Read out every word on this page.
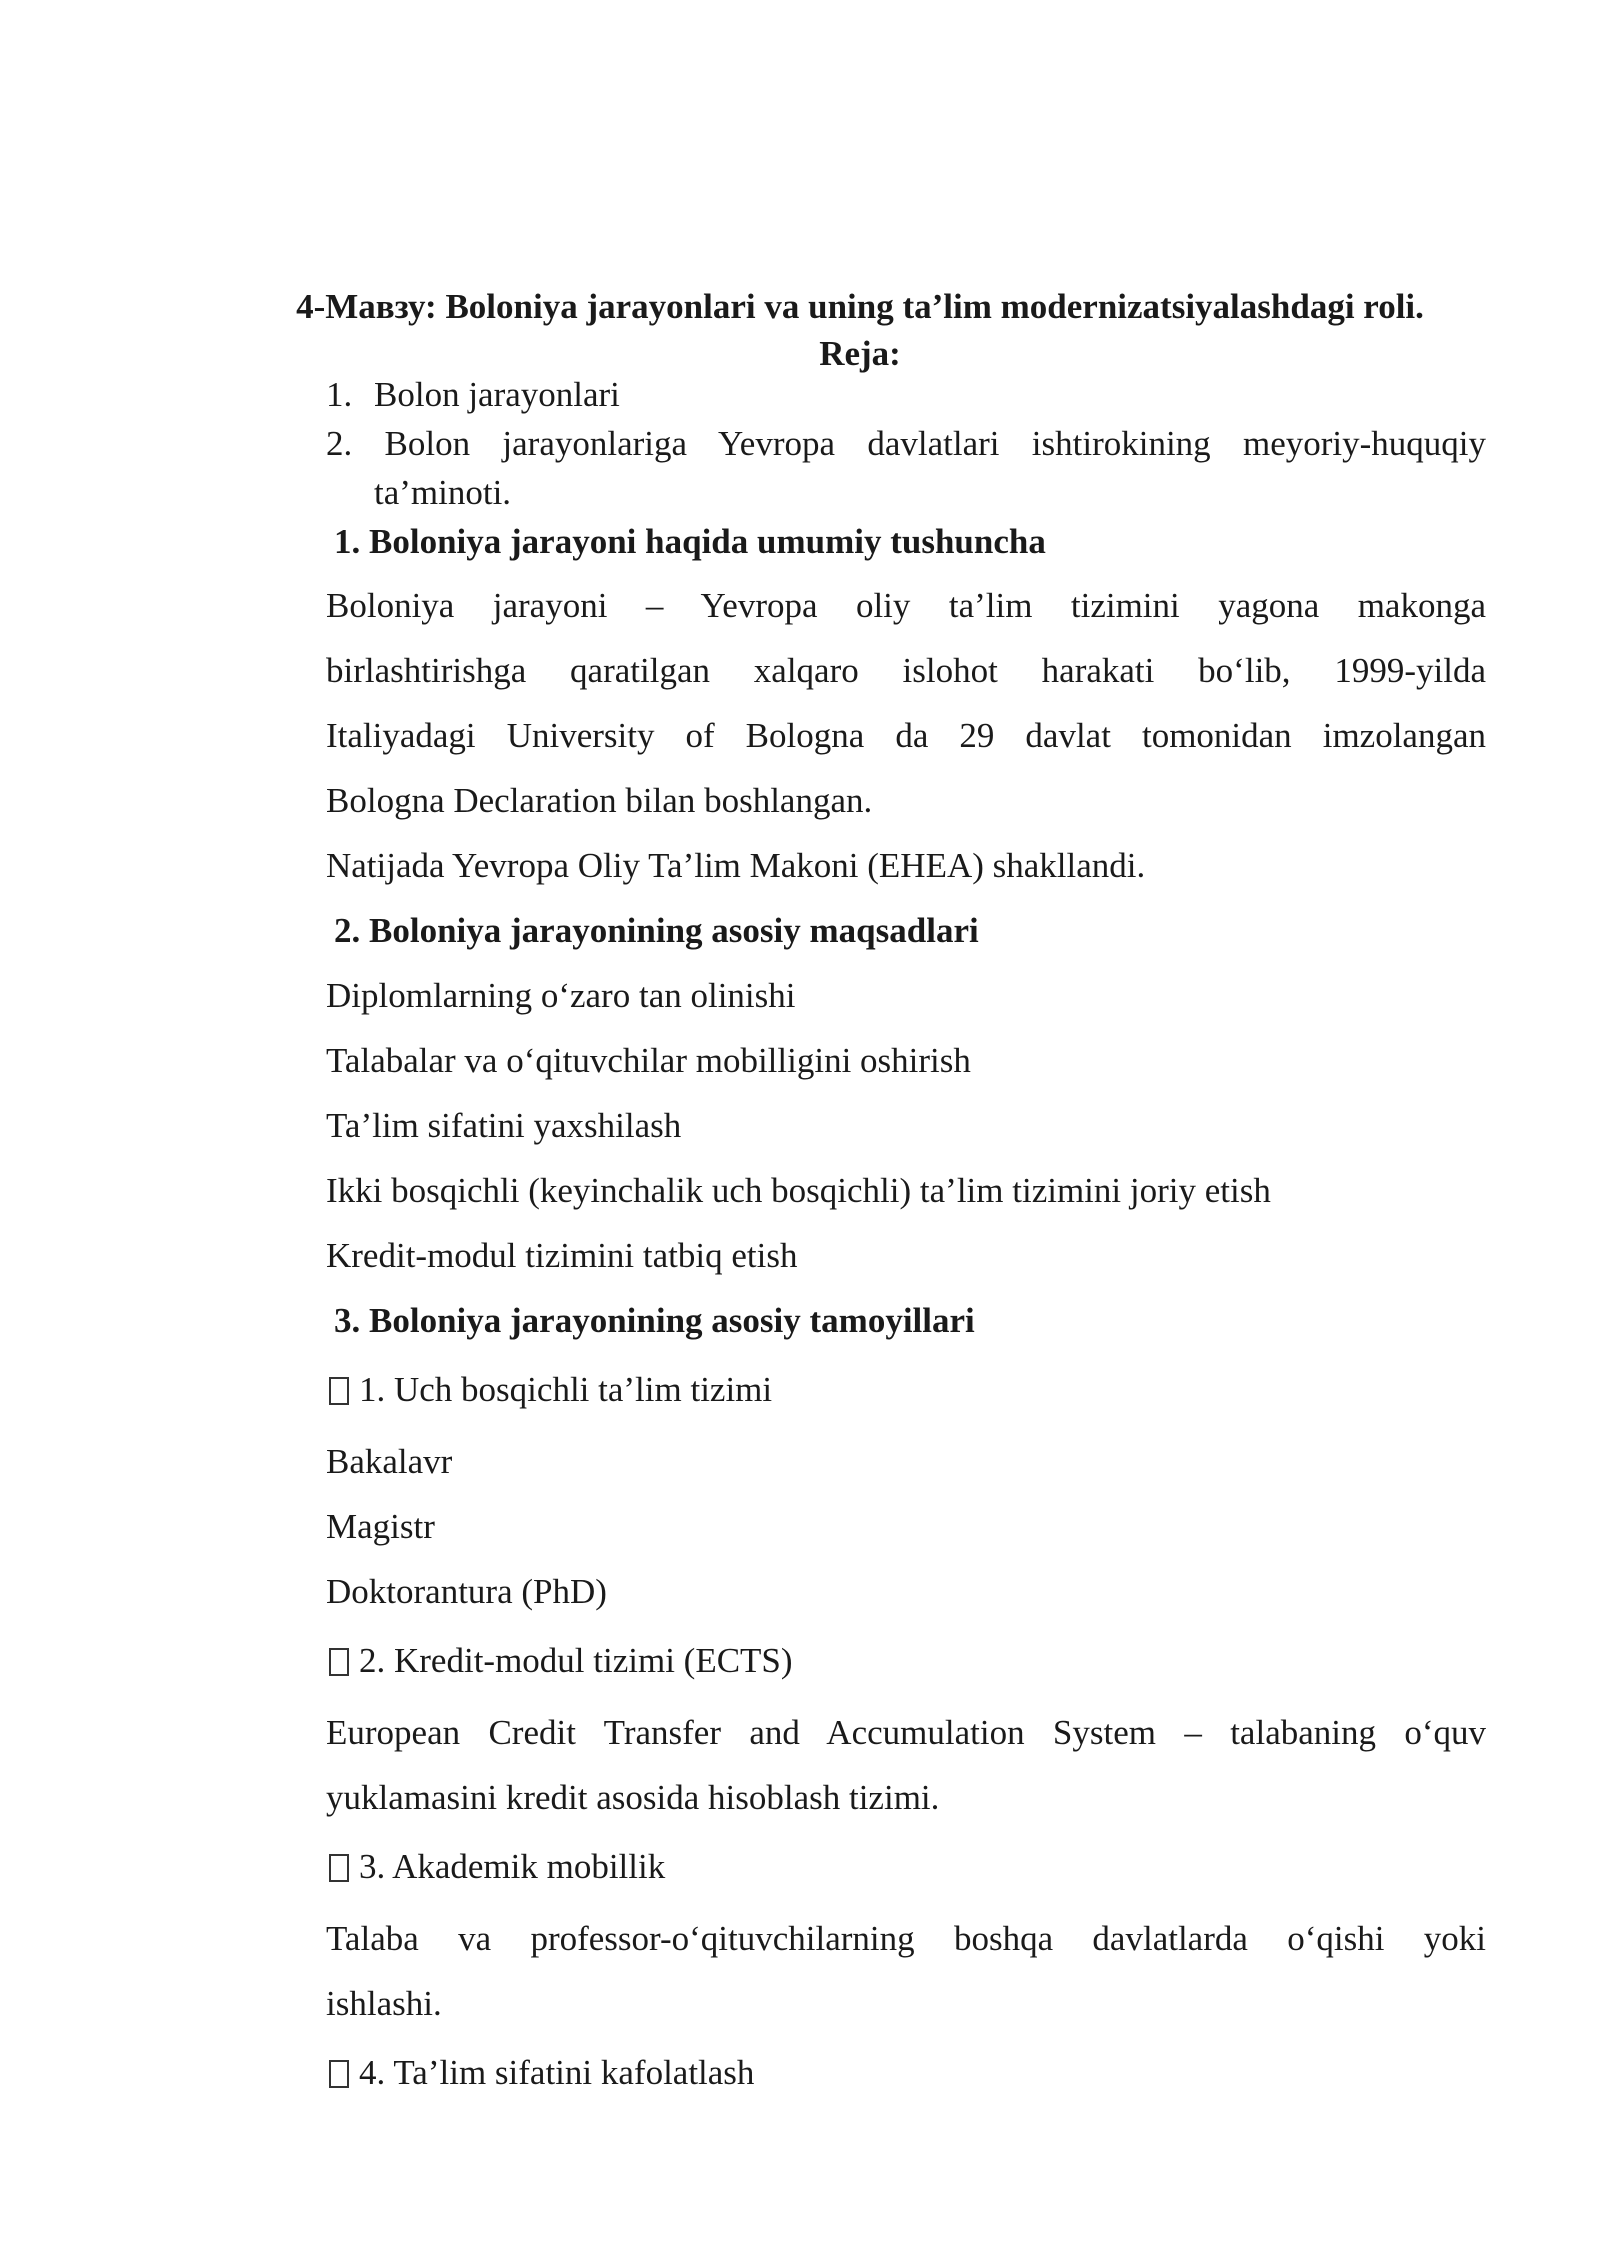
4-Мавзу: Boloniya jarayonlari va uning ta’lim modernizatsiyalashdagi roli.
Reja:
1. Bolon jarayonlari
2. Bolon jarayonlariga Yevropa davlatlari ishtirokining meyoriy-huquqiy
ta’minoti.
1. Boloniya jarayoni haqida umumiy tushuncha
Boloniya jarayoni – Yevropa oliy ta’lim tizimini yagona makonga
birlashtirishga qaratilgan xalqaro islohot harakati bo‘lib, 1999-yilda
Italiyadagi University of Bologna da 29 davlat tomonidan imzolangan
Bologna Declaration bilan boshlangan.
Natijada Yevropa Oliy Ta’lim Makoni (EHEA) shakllandi.
2. Boloniya jarayonining asosiy maqsadlari
Diplomlarning o‘zaro tan olinishi
Talabalar va o‘qituvchilar mobilligini oshirish
Ta’lim sifatini yaxshilash
Ikki bosqichli (keyinchalik uch bosqichli) ta’lim tizimini joriy etish
Kredit-modul tizimini tatbiq etish
3. Boloniya jarayonining asosiy tamoyillari
1. Uch bosqichli ta’lim tizimi
Bakalavr
Magistr
Doktorantura (PhD)
2. Kredit-modul tizimi (ECTS)
European Credit Transfer and Accumulation System – talabaning o‘quv
yuklamasini kredit asosida hisoblash tizimi.
3. Akademik mobillik
Talaba va professor-o‘qituvchilarning boshqa davlatlarda o‘qishi yoki
ishlashi.
4. Ta’lim sifatini kafolatlash
